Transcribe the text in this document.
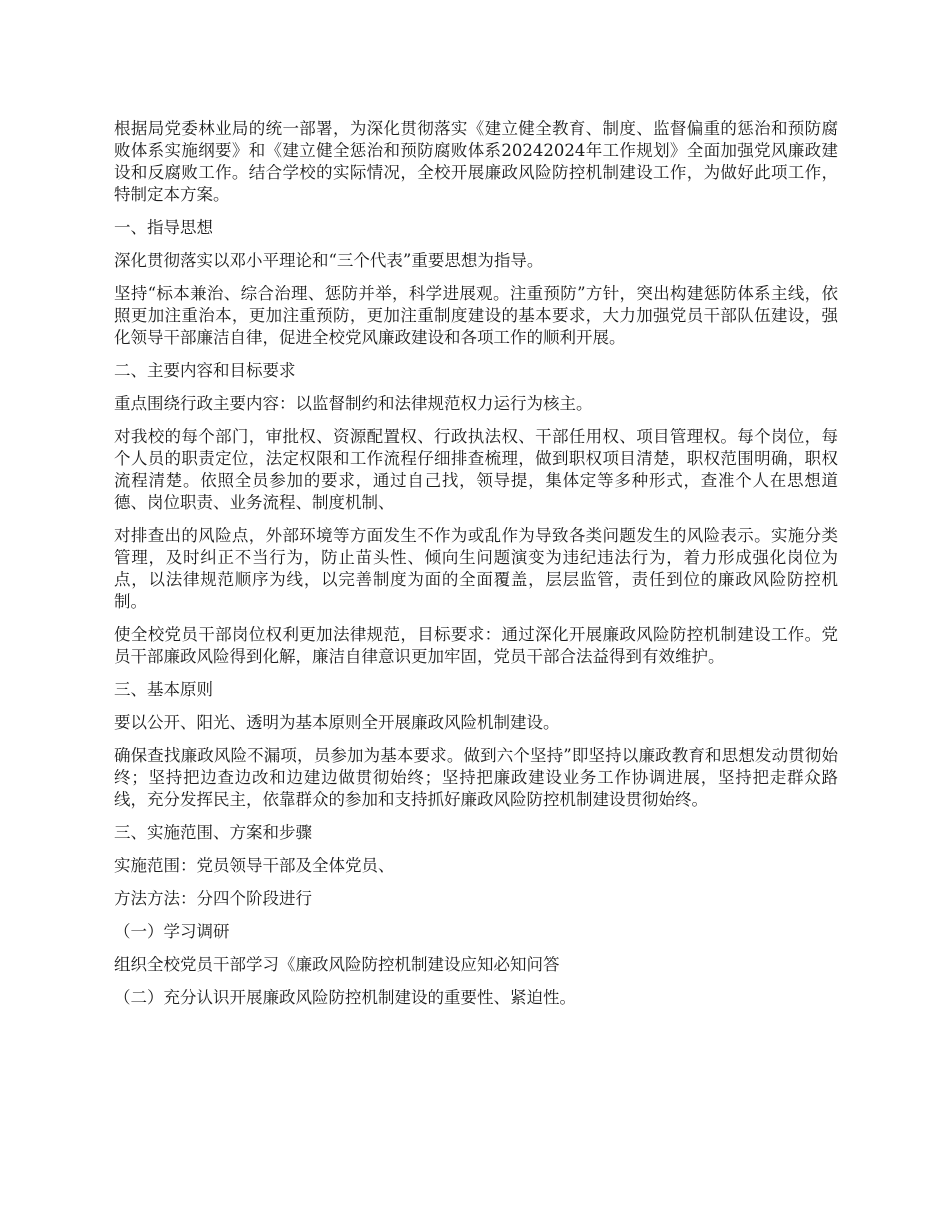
根据局党委林业局的统一部署，为深化贯彻落实《建立健全教育、制度、监督偏重的惩治和预防腐败体系实施纲要》和《建立健全惩治和预防腐败体系20242024年工作规划》全面加强党风廉政建设和反腐败工作。结合学校的实际情况，全校开展廉政风险防控机制建设工作，为做好此项工作，特制定本方案。

一、指导思想

深化贯彻落实以邓小平理论和“三个代表”重要思想为指导。

坚持“标本兼治、综合治理、惩防并举，科学进展观。注重预防”方针，突出构建惩防体系主线，依照更加注重治本，更加注重预防，更加注重制度建设的基本要求，大力加强党员干部队伍建设，强化领导干部廉洁自律，促进全校党风廉政建设和各项工作的顺利开展。

二、主要内容和目标要求

重点围绕行政主要内容：以监督制约和法律规范权力运行为核主。

对我校的每个部门，审批权、资源配置权、行政执法权、干部任用权、项目管理权。每个岗位，每个人员的职责定位，法定权限和工作流程仔细排查梳理，做到职权项目清楚，职权范围明确，职权流程清楚。依照全员参加的要求，通过自己找，领导提，集体定等多种形式，查准个人在思想道德、岗位职责、业务流程、制度机制、

对排查出的风险点，外部环境等方面发生不作为或乱作为导致各类问题发生的风险表示。实施分类管理，及时纠正不当行为，防止苗头性、倾向生问题演变为违纪违法行为，着力形成强化岗位为点，以法律规范顺序为线，以完善制度为面的全面覆盖，层层监管，责任到位的廉政风险防控机制。

使全校党员干部岗位权利更加法律规范，目标要求：通过深化开展廉政风险防控机制建设工作。党员干部廉政风险得到化解，廉洁自律意识更加牢固，党员干部合法益得到有效维护。

三、基本原则

要以公开、阳光、透明为基本原则全开展廉政风险机制建设。

确保查找廉政风险不漏项，员参加为基本要求。做到六个坚持”即坚持以廉政教育和思想发动贯彻始终；坚持把边查边改和边建边做贯彻始终；坚持把廉政建设业务工作协调进展，坚持把走群众路线，充分发挥民主，依靠群众的参加和支持抓好廉政风险防控机制建设贯彻始终。

三、实施范围、方案和步骤

实施范围：党员领导干部及全体党员、

方法方法：分四个阶段进行

（一）学习调研

组织全校党员干部学习《廉政风险防控机制建设应知必知问答

（二）充分认识开展廉政风险防控机制建设的重要性、紧迫性。
